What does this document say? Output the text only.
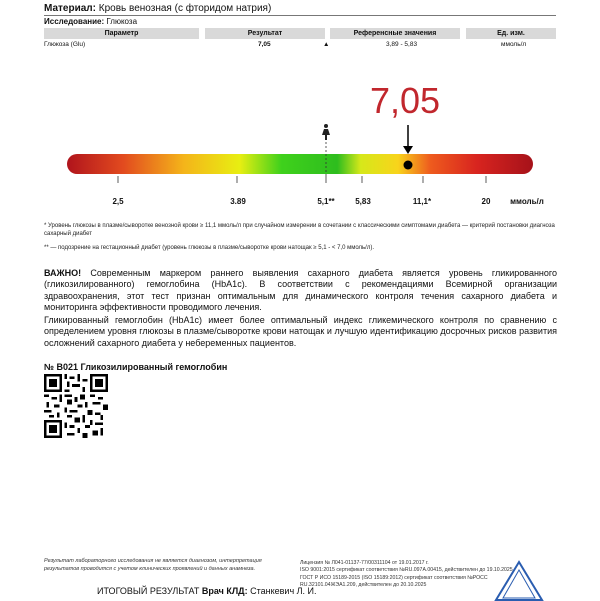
Материал: Кровь венозная (с фторидом натрия)
Исследование: Глюкоза
Параметр	Результат	Референсные значения	Ед. изм.
Глюкоза (Glu)	7,05	▲	3,89 - 5,83	ммоль/л
7,05
2,5	3.89	5,1**	5,83	11,1*	20 ммоль/л
* Уровень глюкозы в плазме/сыворотке венозной крови ≥ 11,1 ммоль/л при случайном измерении в сочетании с классическими симптомами диабета — критерий постановки диагноза сахарный диабет
** — подозрение на гестационный диабет (уровень глюкозы в плазме/сыворотке крови натощак ≥ 5,1 - < 7,0 ммоль/л).
ВАЖНО! Современным маркером раннего выявления сахарного диабета является уровень гликированного (гликозилированного) гемоглобина (HbA1c). В соответствии с рекомендациями Всемирной организации здравоохранения, этот тест признан оптимальным для динамического контроля течения сахарного диабета и мониторинга эффективности проводимого лечения.
Гликированный гемоглобин (HbA1c) имеет более оптимальный индекс гликемического контроля по сравнению с определением уровня глюкозы в плазме/сыворотке крови натощак и лучшую идентификацию досрочных рисков развития осложнений сахарного диабета у небеременных пациентов.
№ В021 Гликозилированный гемоглобин
Результат лабораторного исследования не является диагнозом, интерпретация результатов проводится с учетом клинических проявлений и данных анамнеза.
Лицензия № Л041-01137-77/00311104 от 19.01.2017 г.
ISO 9001:2015 сертификат соответствия №RU.097A.00415, действителен до 19.10.2025
ГОСТ Р ИСО 15189-2015 (ISO 15189:2012) сертификат соответствия №РОСС
RU.32101.04ЖЭА1.209, действителен до 20.10.2025
ИТОГОВЫЙ РЕЗУЛЬТАТ Врач КЛД: Станкевич Л. И.
